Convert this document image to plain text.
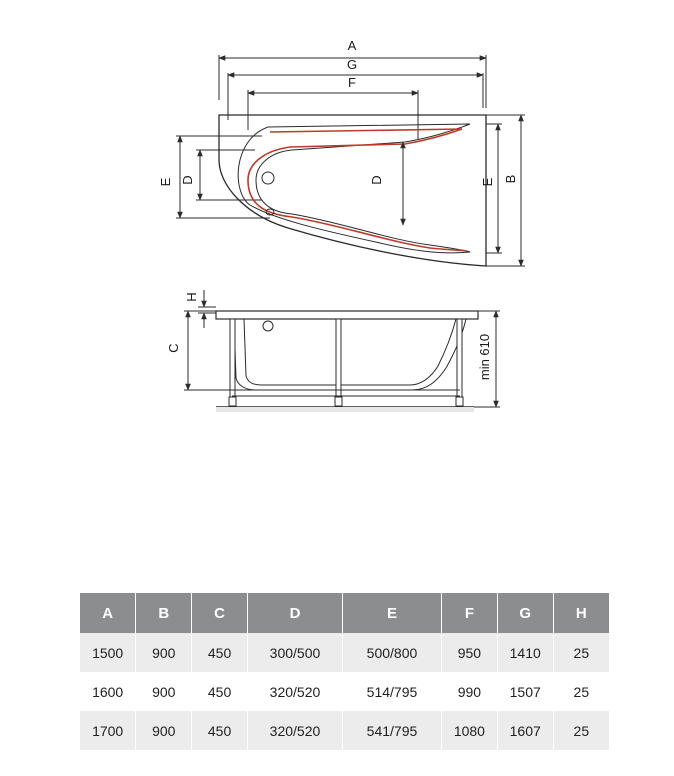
A
G
F
B
E
E D	D
H
C	min 610
A	B	C	D	E	F	G	H
1500	900	450	300/500	500/800	950	1410	25
1600	900	450	320/520	514/795	990	1507	25
1700	900	450	320/520	541/795	1080	1607	25
